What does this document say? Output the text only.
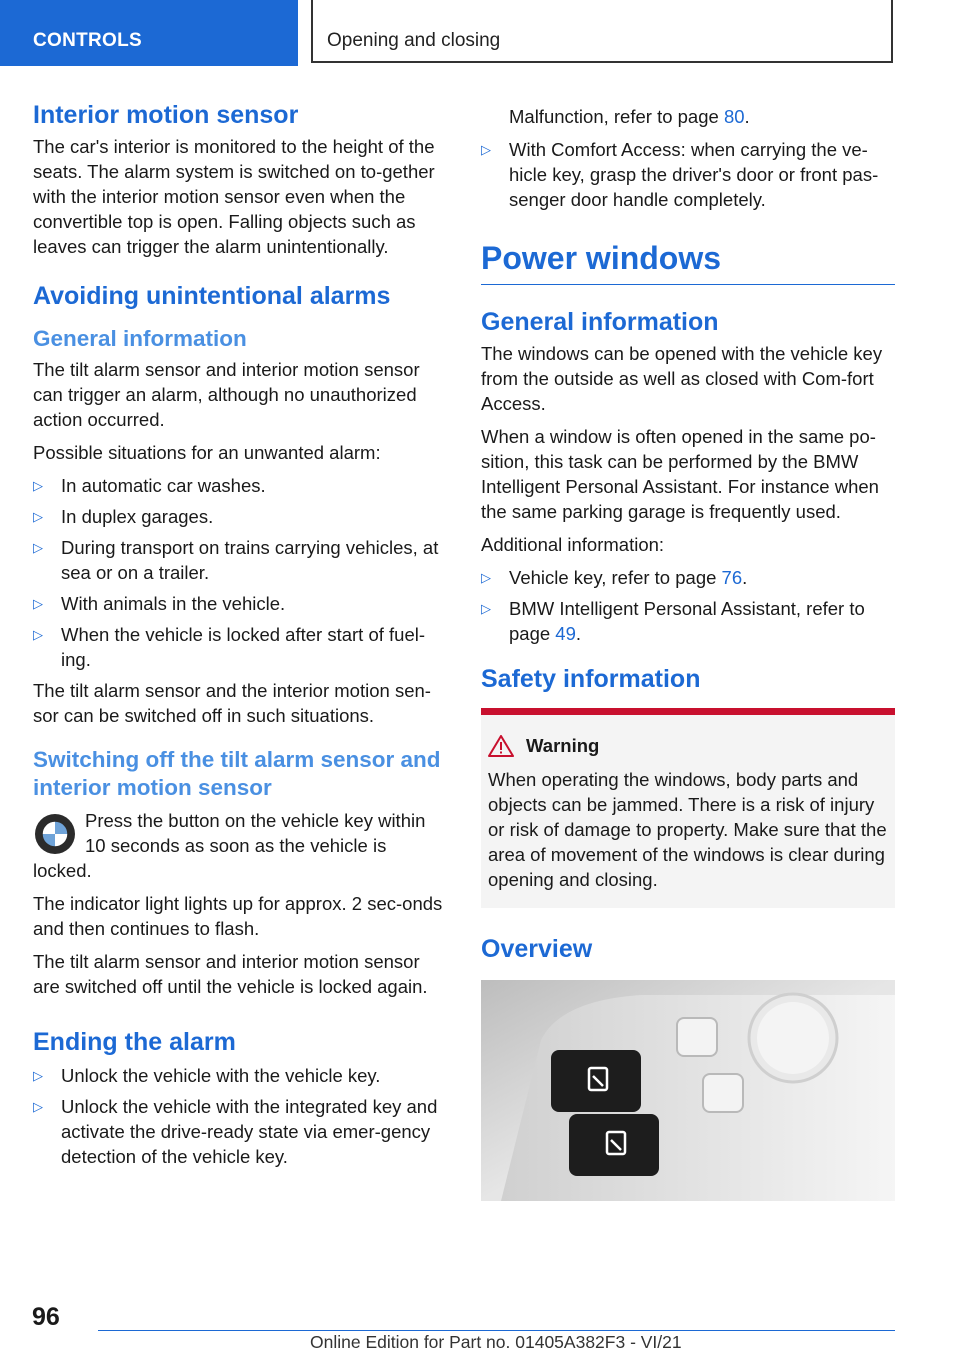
CONTROLS	Opening and closing
Interior motion sensor

The car's interior is monitored to the height of the seats. The alarm system is switched on to-gether with the interior motion sensor even when the convertible top is open. Falling objects such as leaves can trigger the alarm unintentionally.

Avoiding unintentional alarms
General information

The tilt alarm sensor and interior motion sensor can trigger an alarm, although no unauthorized action occurred.

Possible situations for an unwanted alarm:

▷ In automatic car washes.
▷ In duplex garages.
▷ During transport on trains carrying vehicles, at sea or on a trailer.
▷ With animals in the vehicle.
▷ When the vehicle is locked after start of fuel-ing.

The tilt alarm sensor and the interior motion sen-sor can be switched off in such situations.

Switching off the tilt alarm sensor and interior motion sensor

Press the button on the vehicle key within 10 seconds as soon as the vehicle is locked.

The indicator light lights up for approx. 2 sec-onds and then continues to flash.

The tilt alarm sensor and interior motion sensor are switched off until the vehicle is locked again.

Ending the alarm
▷ Unlock the vehicle with the vehicle key.
▷ Unlock the vehicle with the integrated key and activate the drive-ready state via emer-gency detection of the vehicle key.

Malfunction, refer to page 80.

▷ With Comfort Access: when carrying the ve-hicle key, grasp the driver's door or front pas-senger door handle completely.
Power windows
General information

The windows can be opened with the vehicle key from the outside as well as closed with Com-fort Access.

When a window is often opened in the same po-sition, this task can be performed by the BMW Intelligent Personal Assistant. For instance when the same parking garage is frequently used.

Additional information:

▷ Vehicle key, refer to page 76.
▷ BMW Intelligent Personal Assistant, refer to page 49.
Safety information
Warning

When operating the windows, body parts and objects can be jammed. There is a risk of injury or risk of damage to property. Make sure that the area of movement of the windows is clear during opening and closing.

Overview
96
Online Edition for Part no. 01405A382F3 - VI/21
